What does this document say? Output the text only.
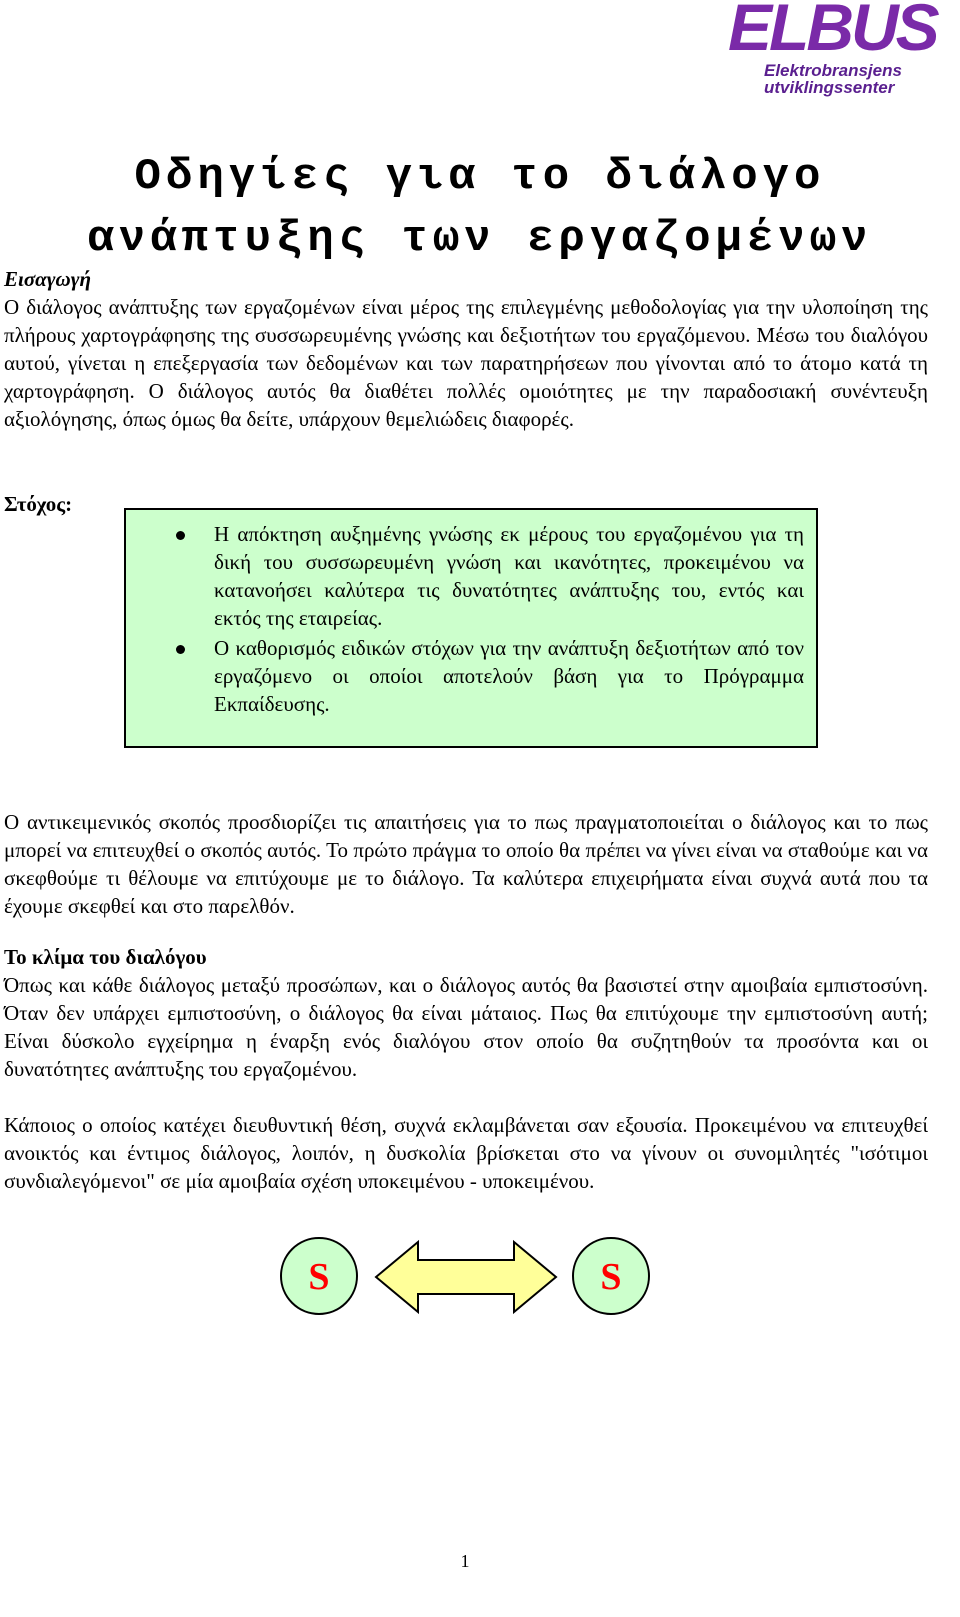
ELBUS
Elektrobransjens
utviklingssenter
Οδηγίες για το διάλογο
ανάπτυξης των εργαζομένων
Εισαγωγή

Ο διάλογος ανάπτυξης των εργαζομένων είναι μέρος της επιλεγμένης μεθοδολογίας για την υλοποίηση της πλήρους χαρτογράφησης της συσσωρευμένης γνώσης και δεξιοτήτων του εργαζόμενου. Μέσω του διαλόγου αυτού, γίνεται η επεξεργασία των δεδομένων και των παρατηρήσεων που γίνονται από το άτομο κατά τη χαρτογράφηση. Ο διάλογος αυτός θα διαθέτει πολλές ομοιότητες με την παραδοσιακή συνέντευξη αξιολόγησης, όπως όμως θα δείτε, υπάρχουν θεμελιώδεις διαφορές.

Στόχος:
Η απόκτηση αυξημένης γνώσης εκ μέρους του εργαζομένου για τη δική του συσσωρευμένη γνώση και ικανότητες, προκειμένου να κατανοήσει καλύτερα τις δυνατότητες ανάπτυξης του, εντός και εκτός της εταιρείας.
Ο καθορισμός ειδικών στόχων για την ανάπτυξη δεξιοτήτων από τον εργαζόμενο οι οποίοι αποτελούν βάση για το Πρόγραμμα Εκπαίδευσης.

Ο αντικειμενικός σκοπός προσδιορίζει τις απαιτήσεις για το πως πραγματοποιείται ο διάλογος και το πως μπορεί να επιτευχθεί ο σκοπός αυτός. Το πρώτο πράγμα το οποίο θα πρέπει να γίνει είναι να σταθούμε και να σκεφθούμε τι θέλουμε να επιτύχουμε με το διάλογο. Τα καλύτερα επιχειρήματα είναι συχνά αυτά που τα έχουμε σκεφθεί και στο παρελθόν.

Το κλίμα του διαλόγου

Όπως και κάθε διάλογος μεταξύ προσώπων, και ο διάλογος αυτός θα βασιστεί στην αμοιβαία εμπιστοσύνη. Όταν δεν υπάρχει εμπιστοσύνη, ο διάλογος θα είναι μάταιος. Πως θα επιτύχουμε την εμπιστοσύνη αυτή; Είναι δύσκολο εγχείρημα η έναρξη ενός διαλόγου στον οποίο θα συζητηθούν τα προσόντα και οι δυνατότητες ανάπτυξης του εργαζομένου.

Κάποιος ο οποίος κατέχει διευθυντική θέση, συχνά εκλαμβάνεται σαν εξουσία. Προκειμένου να επιτευχθεί ανοικτός και έντιμος διάλογος, λοιπόν, η δυσκολία βρίσκεται στο να γίνουν οι συνομιλητές "ισότιμοι συνδιαλεγόμενοι" σε μία αμοιβαία σχέση υποκειμένου - υποκειμένου.

S	S
1
